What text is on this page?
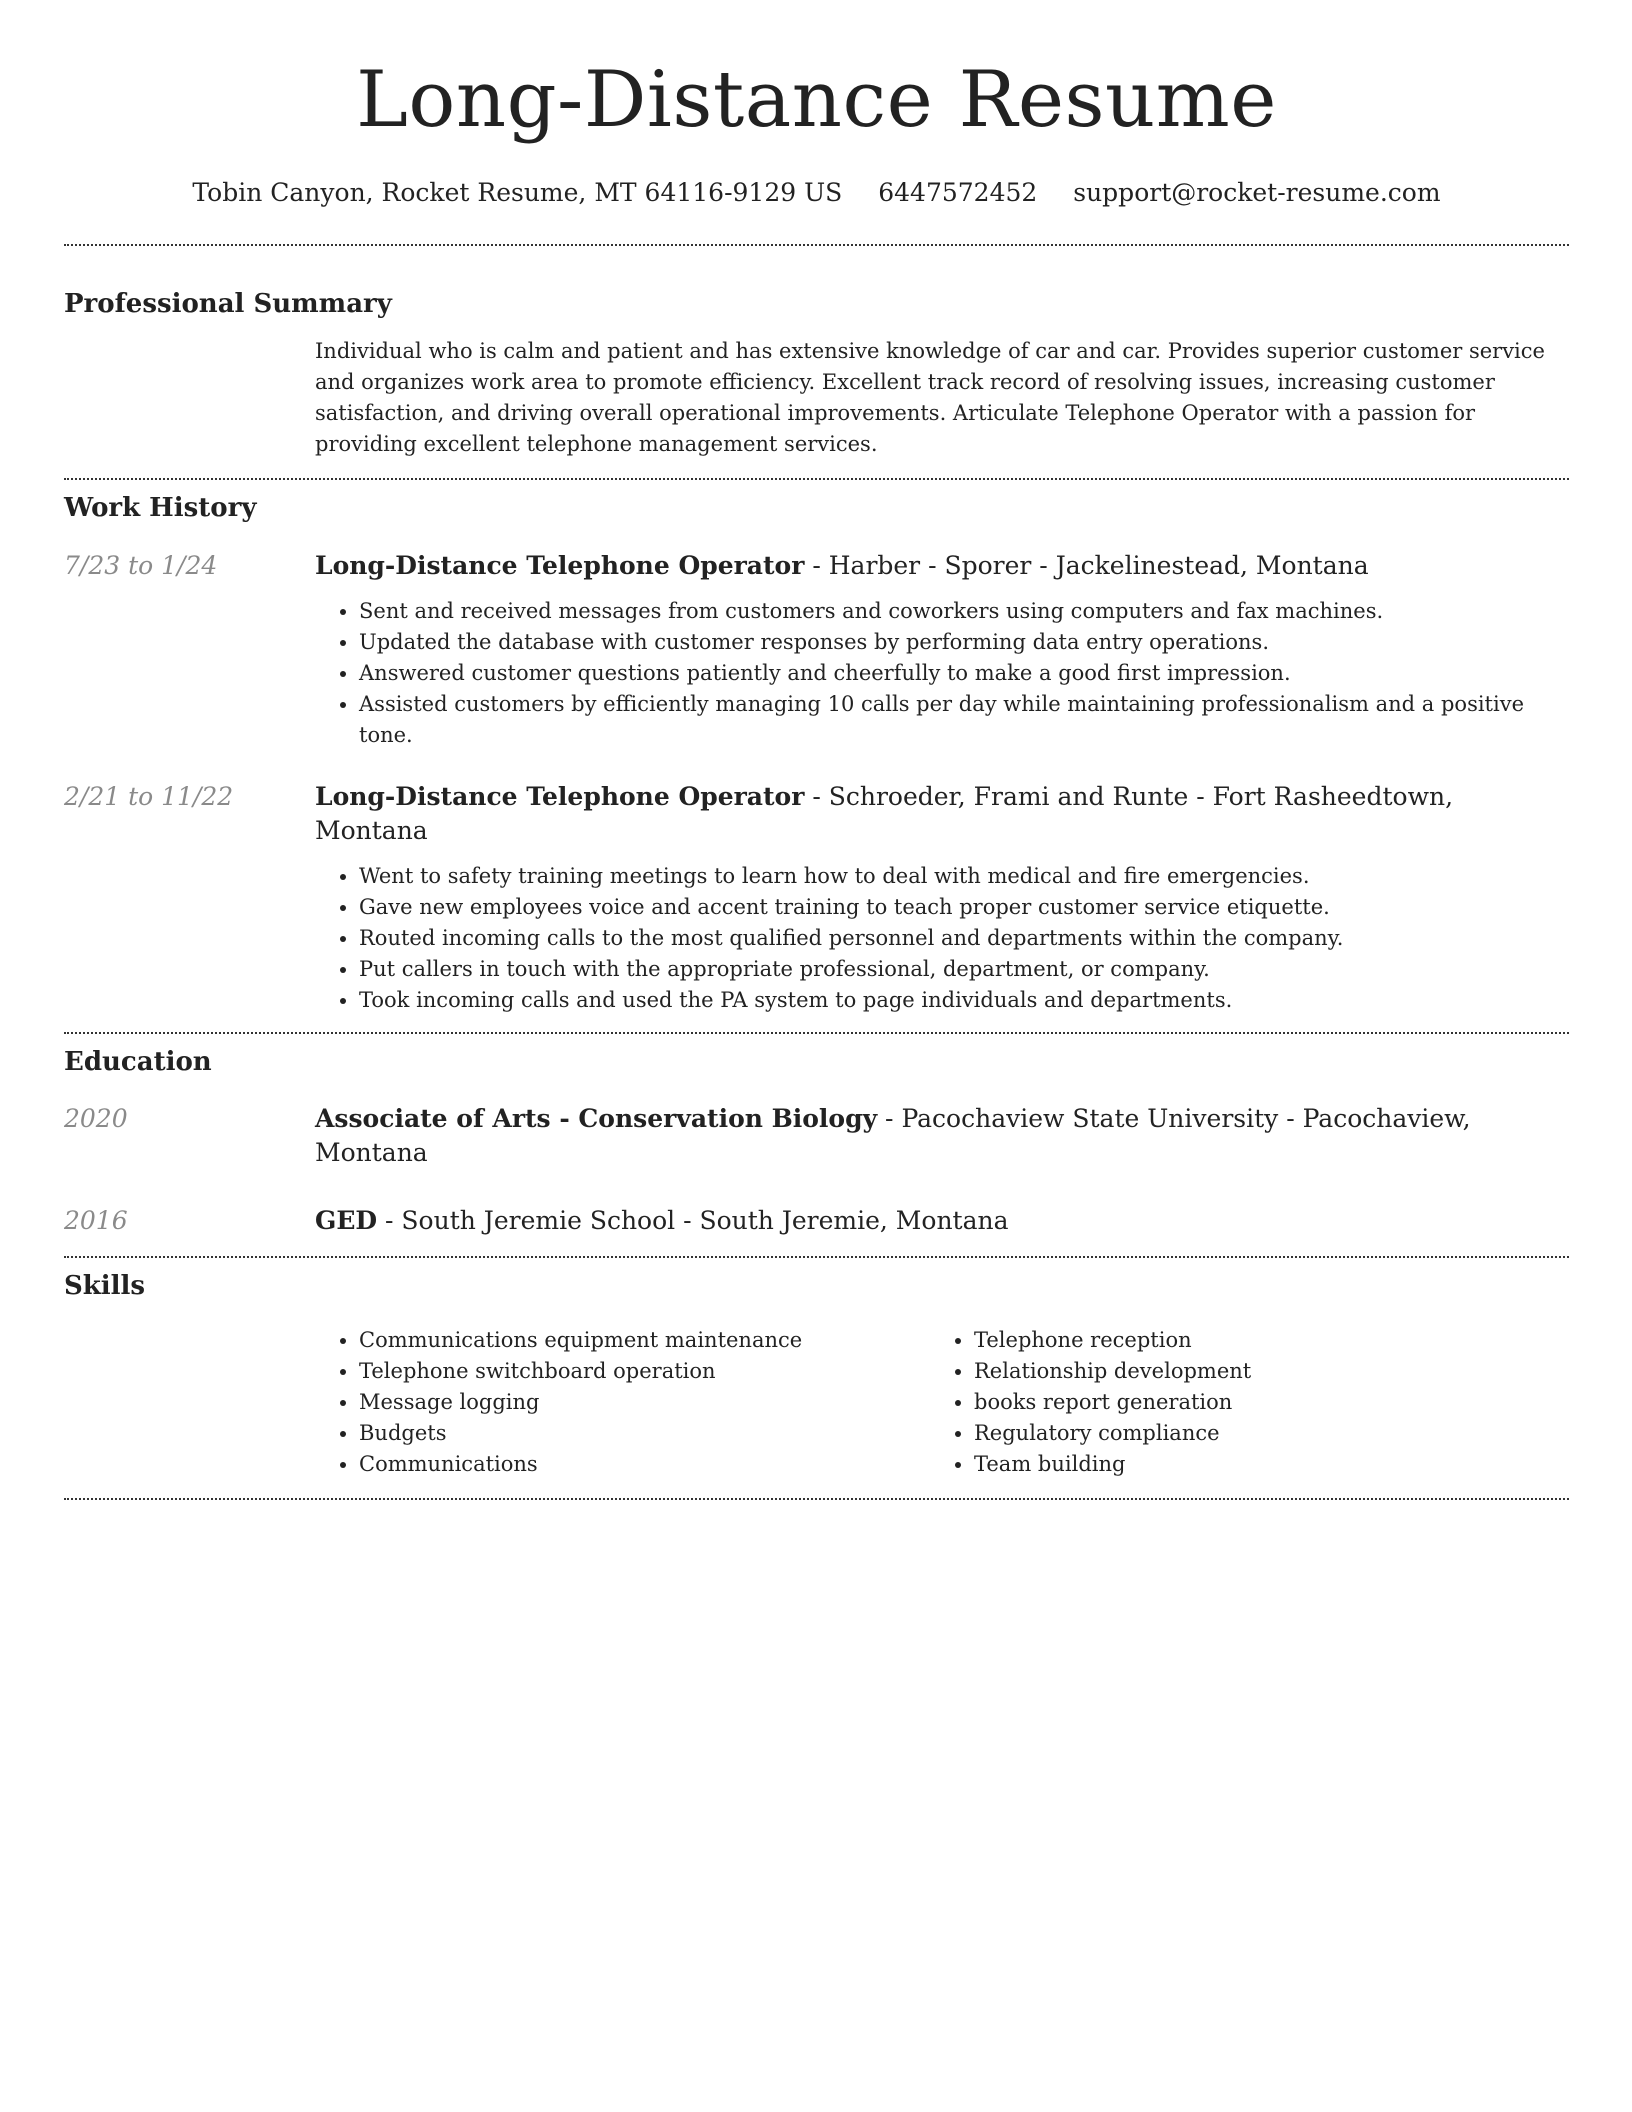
Long-Distance Resume
Tobin Canyon, Rocket Resume, MT 64116-9129 US 6447572452 support@rocket-resume.com
Professional Summary

Individual who is calm and patient and has extensive knowledge of car and car. Provides superior customer service and organizes work area to promote efficiency. Excellent track record of resolving issues, increasing customer satisfaction, and driving overall operational improvements. Articulate Telephone Operator with a passion for providing excellent telephone management services.

Work History
7/23 to 1/24	Long-Distance Telephone Operator - Harber - Sporer - Jackelinestead, Montana
• Sent and received messages from customers and coworkers using computers and fax machines.
• Updated the database with customer responses by performing data entry operations.
• Answered customer questions patiently and cheerfully to make a good first impression.
• Assisted customers by efficiently managing 10 calls per day while maintaining professionalism and a positive tone.
2/21 to 11/22	Long-Distance Telephone Operator - Schroeder, Frami and Runte - Fort Rasheedtown, Montana
• Went to safety training meetings to learn how to deal with medical and fire emergencies.
• Gave new employees voice and accent training to teach proper customer service etiquette.
• Routed incoming calls to the most qualified personnel and departments within the company.
• Put callers in touch with the appropriate professional, department, or company.
• Took incoming calls and used the PA system to page individuals and departments.
Education
2020	Associate of Arts - Conservation Biology - Pacochaview State University - Pacochaview, Montana
2016	GED - South Jeremie School - South Jeremie, Montana
Skills
• Communications equipment maintenance
• Telephone switchboard operation
• Message logging
• Budgets
• Communications
• Telephone reception
• Relationship development
• books report generation
• Regulatory compliance
• Team building
